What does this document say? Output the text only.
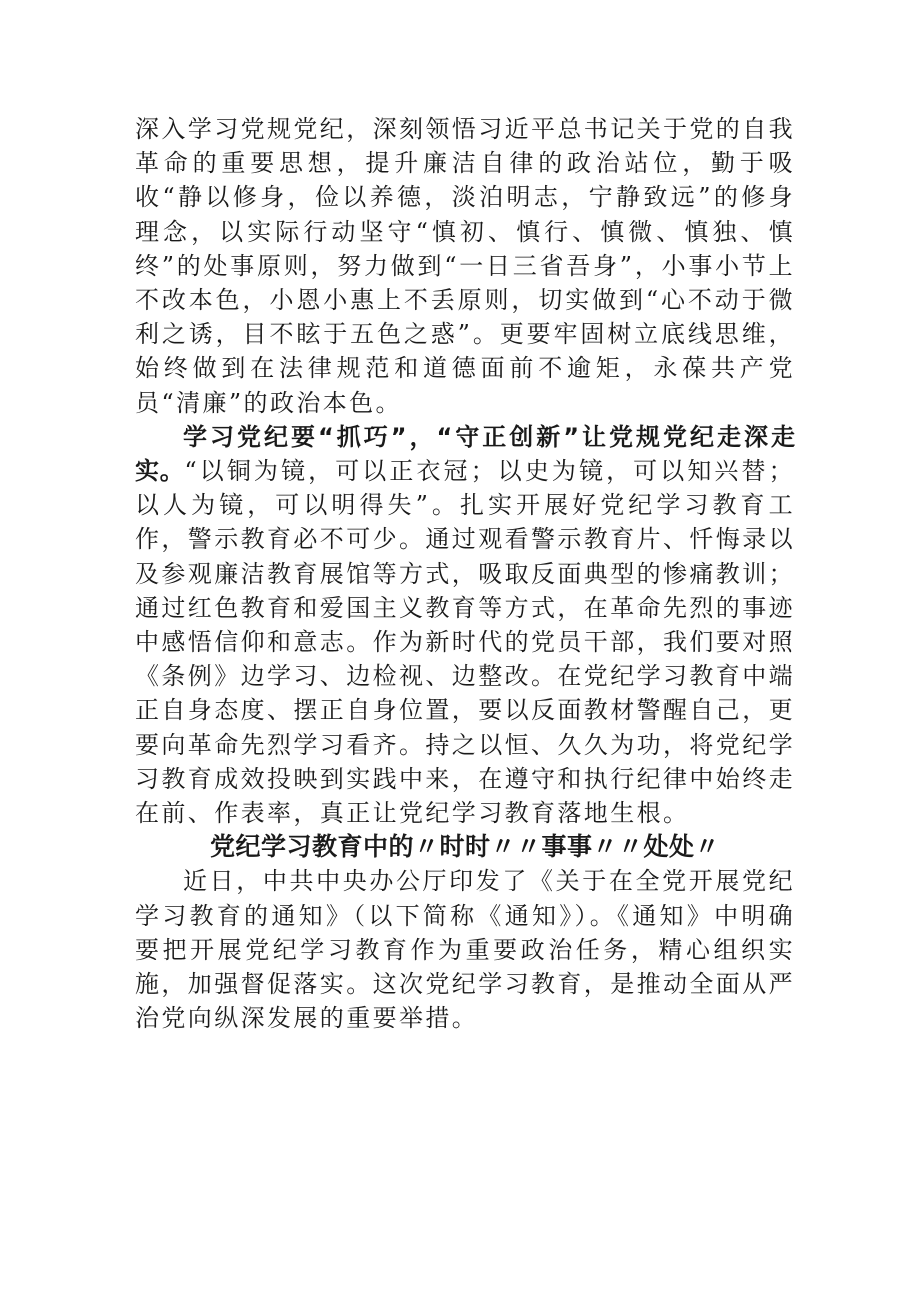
深入学习党规党纪，深刻领悟习近平总书记关于党的自我革命的重要思想，提升廉洁自律的政治站位，勤于吸收“静以修身，俭以养德，淡泊明志，宁静致远”的修身理念，以实际行动坚守“慎初、慎行、慎微、慎独、慎终”的处事原则，努力做到“一日三省吾身”，小事小节上不改本色，小恩小惠上不丢原则，切实做到“心不动于微利之诱，目不眩于五色之惑”。更要牢固树立底线思维，始终做到在法律规范和道德面前不逾矩，永葆共产党员“清廉”的政治本色。

学习党纪要“抓巧”，“守正创新”让党规党纪走深走实。“以铜为镜，可以正衣冠；以史为镜，可以知兴替；以人为镜，可以明得失”。扎实开展好党纪学习教育工作，警示教育必不可少。通过观看警示教育片、忏悔录以及参观廉洁教育展馆等方式，吸取反面典型的惨痛教训；通过红色教育和爱国主义教育等方式，在革命先烈的事迹中感悟信仰和意志。作为新时代的党员干部，我们要对照《条例》边学习、边检视、边整改。在党纪学习教育中端正自身态度、摆正自身位置，要以反面教材警醒自己，更要向革命先烈学习看齐。持之以恒、久久为功，将党纪学习教育成效投映到实践中来，在遵守和执行纪律中始终走在前、作表率，真正让党纪学习教育落地生根。

党纪学习教育中的〃时时〃〃事事〃〃处处〃

近日，中共中央办公厅印发了《关于在全党开展党纪学习教育的通知》（以下简称《通知》）。《通知》中明确要把开展党纪学习教育作为重要政治任务，精心组织实施，加强督促落实。这次党纪学习教育，是推动全面从严治党向纵深发展的重要举措。
